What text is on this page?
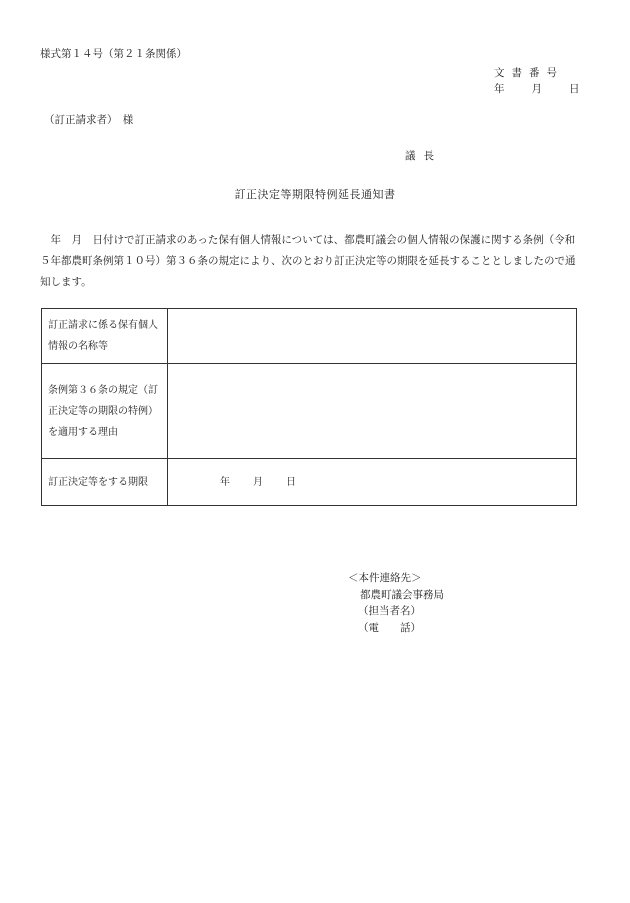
様式第１４号（第２１条関係）
文書番号
年　　月　　日
（訂正請求者）　様
議長
訂正決定等期限特例延長通知書
年　月　日付けで訂正請求のあった保有個人情報については、都農町議会の個人情報の保護に関する条例（令和５年都農町条例第１０号）第３６条の規定により、次のとおり訂正決定等の期限を延長することとしましたので通知します。
訂正請求に係る保有個人情報の名称等	
条例第３６条の規定（訂正決定等の期限の特例）を適用する理由	
訂正決定等をする期限	年　　月　　日
＜本件連絡先＞
都農町議会事務局
（担当者名）
（電　　話）
